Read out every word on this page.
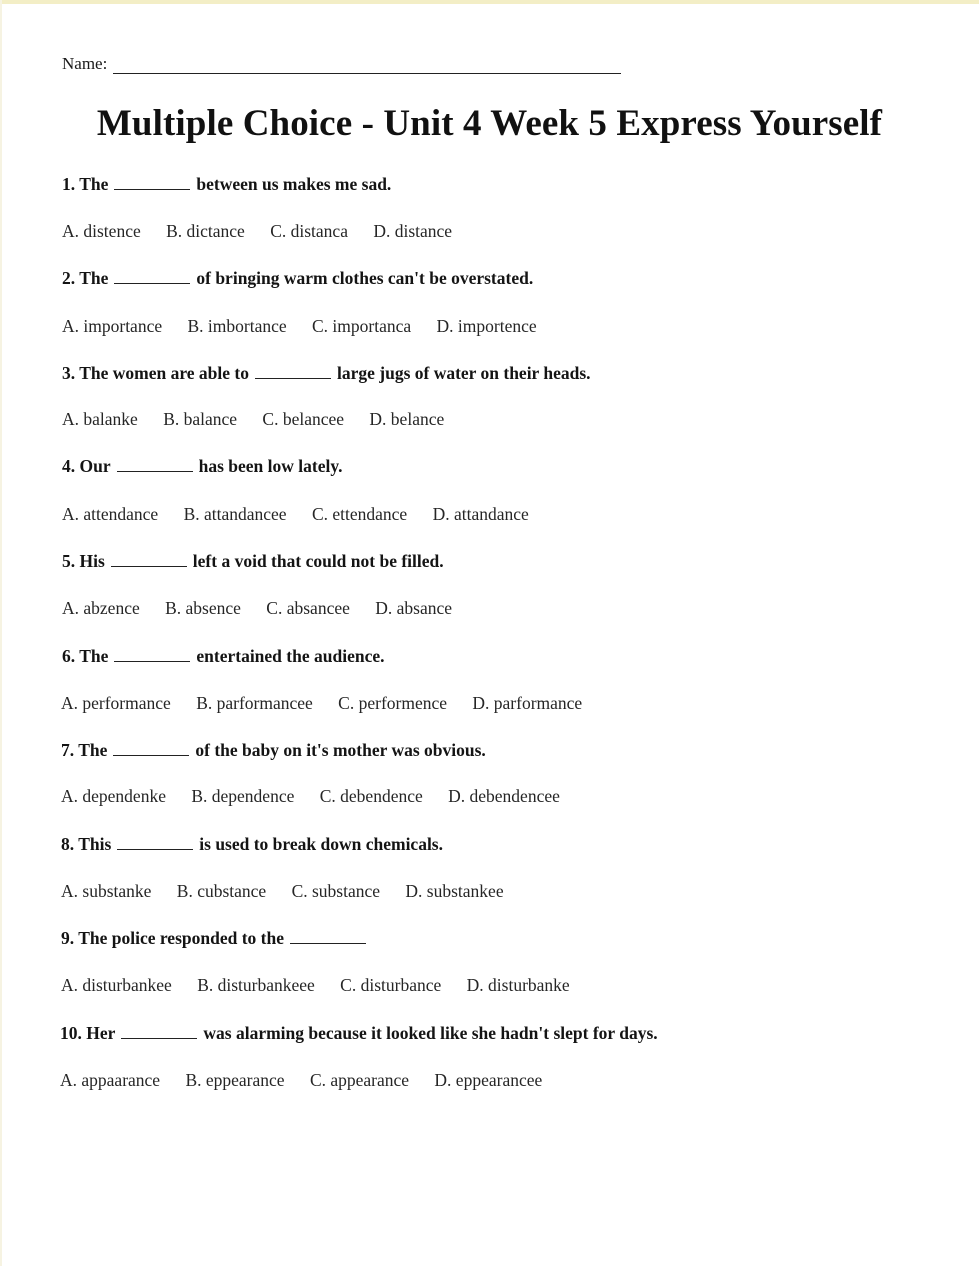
Name:
Multiple Choice - Unit 4 Week 5 Express Yourself
1. The	between us makes me sad.
A. distence B. dictance C. distanca D. distance
2. The	of bringing warm clothes can't be overstated.
A. importance B. imbortance C. importanca D. importence
3. The women are able to	large jugs of water on their heads.
A. balanke B. balance C. belancee D. belance
4. Our	has been low lately.
A. attendance B. attandancee C. ettendance D. attandance
5. His	left a void that could not be filled.
A. abzence B. absence C. absancee D. absance
6. The	entertained the audience.
A. performance B. parformancee C. performence D. parformance
7. The	of the baby on it's mother was obvious.
A. dependenke B. dependence C. debendence D. debendencee
8. This	is used to break down chemicals.
A. substanke B. cubstance C. substance D. substankee
9. The police responded to the
A. disturbankee B. disturbankeee C. disturbance D. disturbanke
10. Her	was alarming because it looked like she hadn't slept for days.
A. appaarance B. eppearance C. appearance D. eppearancee
